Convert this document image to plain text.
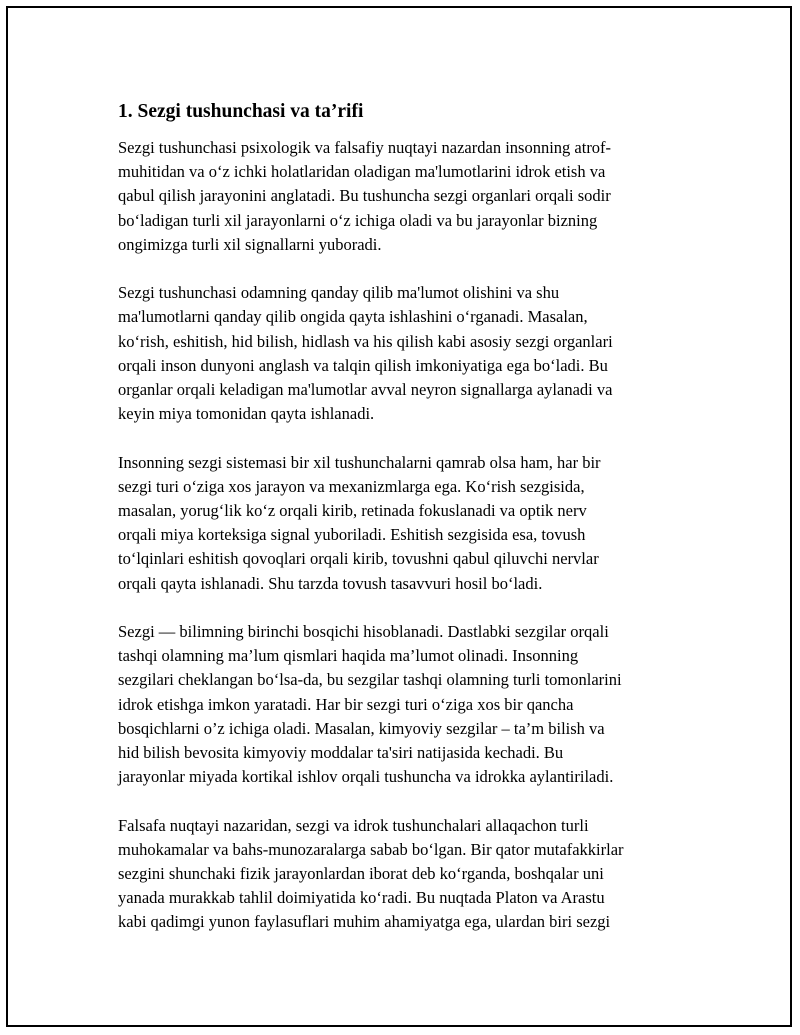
1. Sezgi tushunchasi va ta’rifi

Sezgi tushunchasi psixologik va falsafiy nuqtayi nazardan insonning atrof-
muhitidan va o‘z ichki holatlaridan oladigan ma'lumotlarini idrok etish va
qabul qilish jarayonini anglatadi. Bu tushuncha sezgi organlari orqali sodir
bo‘ladigan turli xil jarayonlarni o‘z ichiga oladi va bu jarayonlar bizning
ongimizga turli xil signallarni yuboradi.

Sezgi tushunchasi odamning qanday qilib ma'lumot olishini va shu
ma'lumotlarni qanday qilib ongida qayta ishlashini o‘rganadi. Masalan,
ko‘rish, eshitish, hid bilish, hidlash va his qilish kabi asosiy sezgi organlari
orqali inson dunyoni anglash va talqin qilish imkoniyatiga ega bo‘ladi. Bu
organlar orqali keladigan ma'lumotlar avval neyron signallarga aylanadi va
keyin miya tomonidan qayta ishlanadi.

Insonning sezgi sistemasi bir xil tushunchalarni qamrab olsa ham, har bir
sezgi turi o‘ziga xos jarayon va mexanizmlarga ega. Ko‘rish sezgisida,
masalan, yorug‘lik ko‘z orqali kirib, retinada fokuslanadi va optik nerv
orqali miya korteksiga signal yuboriladi. Eshitish sezgisida esa, tovush
to‘lqinlari eshitish qovoqlari orqali kirib, tovushni qabul qiluvchi nervlar
orqali qayta ishlanadi. Shu tarzda tovush tasavvuri hosil bo‘ladi.

Sezgi — bilimning birinchi bosqichi hisoblanadi. Dastlabki sezgilar orqali
tashqi olamning ma’lum qismlari haqida ma’lumot olinadi. Insonning
sezgilari cheklangan bo‘lsa-da, bu sezgilar tashqi olamning turli tomonlarini
idrok etishga imkon yaratadi. Har bir sezgi turi o‘ziga xos bir qancha
bosqichlarni o’z ichiga oladi. Masalan, kimyoviy sezgilar – ta’m bilish va
hid bilish bevosita kimyoviy moddalar ta'siri natijasida kechadi. Bu
jarayonlar miyada kortikal ishlov orqali tushuncha va idrokka aylantiriladi.

Falsafa nuqtayi nazaridan, sezgi va idrok tushunchalari allaqachon turli
muhokamalar va bahs-munozaralarga sabab bo‘lgan. Bir qator mutafakkirlar
sezgini shunchaki fizik jarayonlardan iborat deb ko‘rganda, boshqalar uni
yanada murakkab tahlil doimiyatida ko‘radi. Bu nuqtada Platon va Arastu
kabi qadimgi yunon faylasuflari muhim ahamiyatga ega, ulardan biri sezgi
